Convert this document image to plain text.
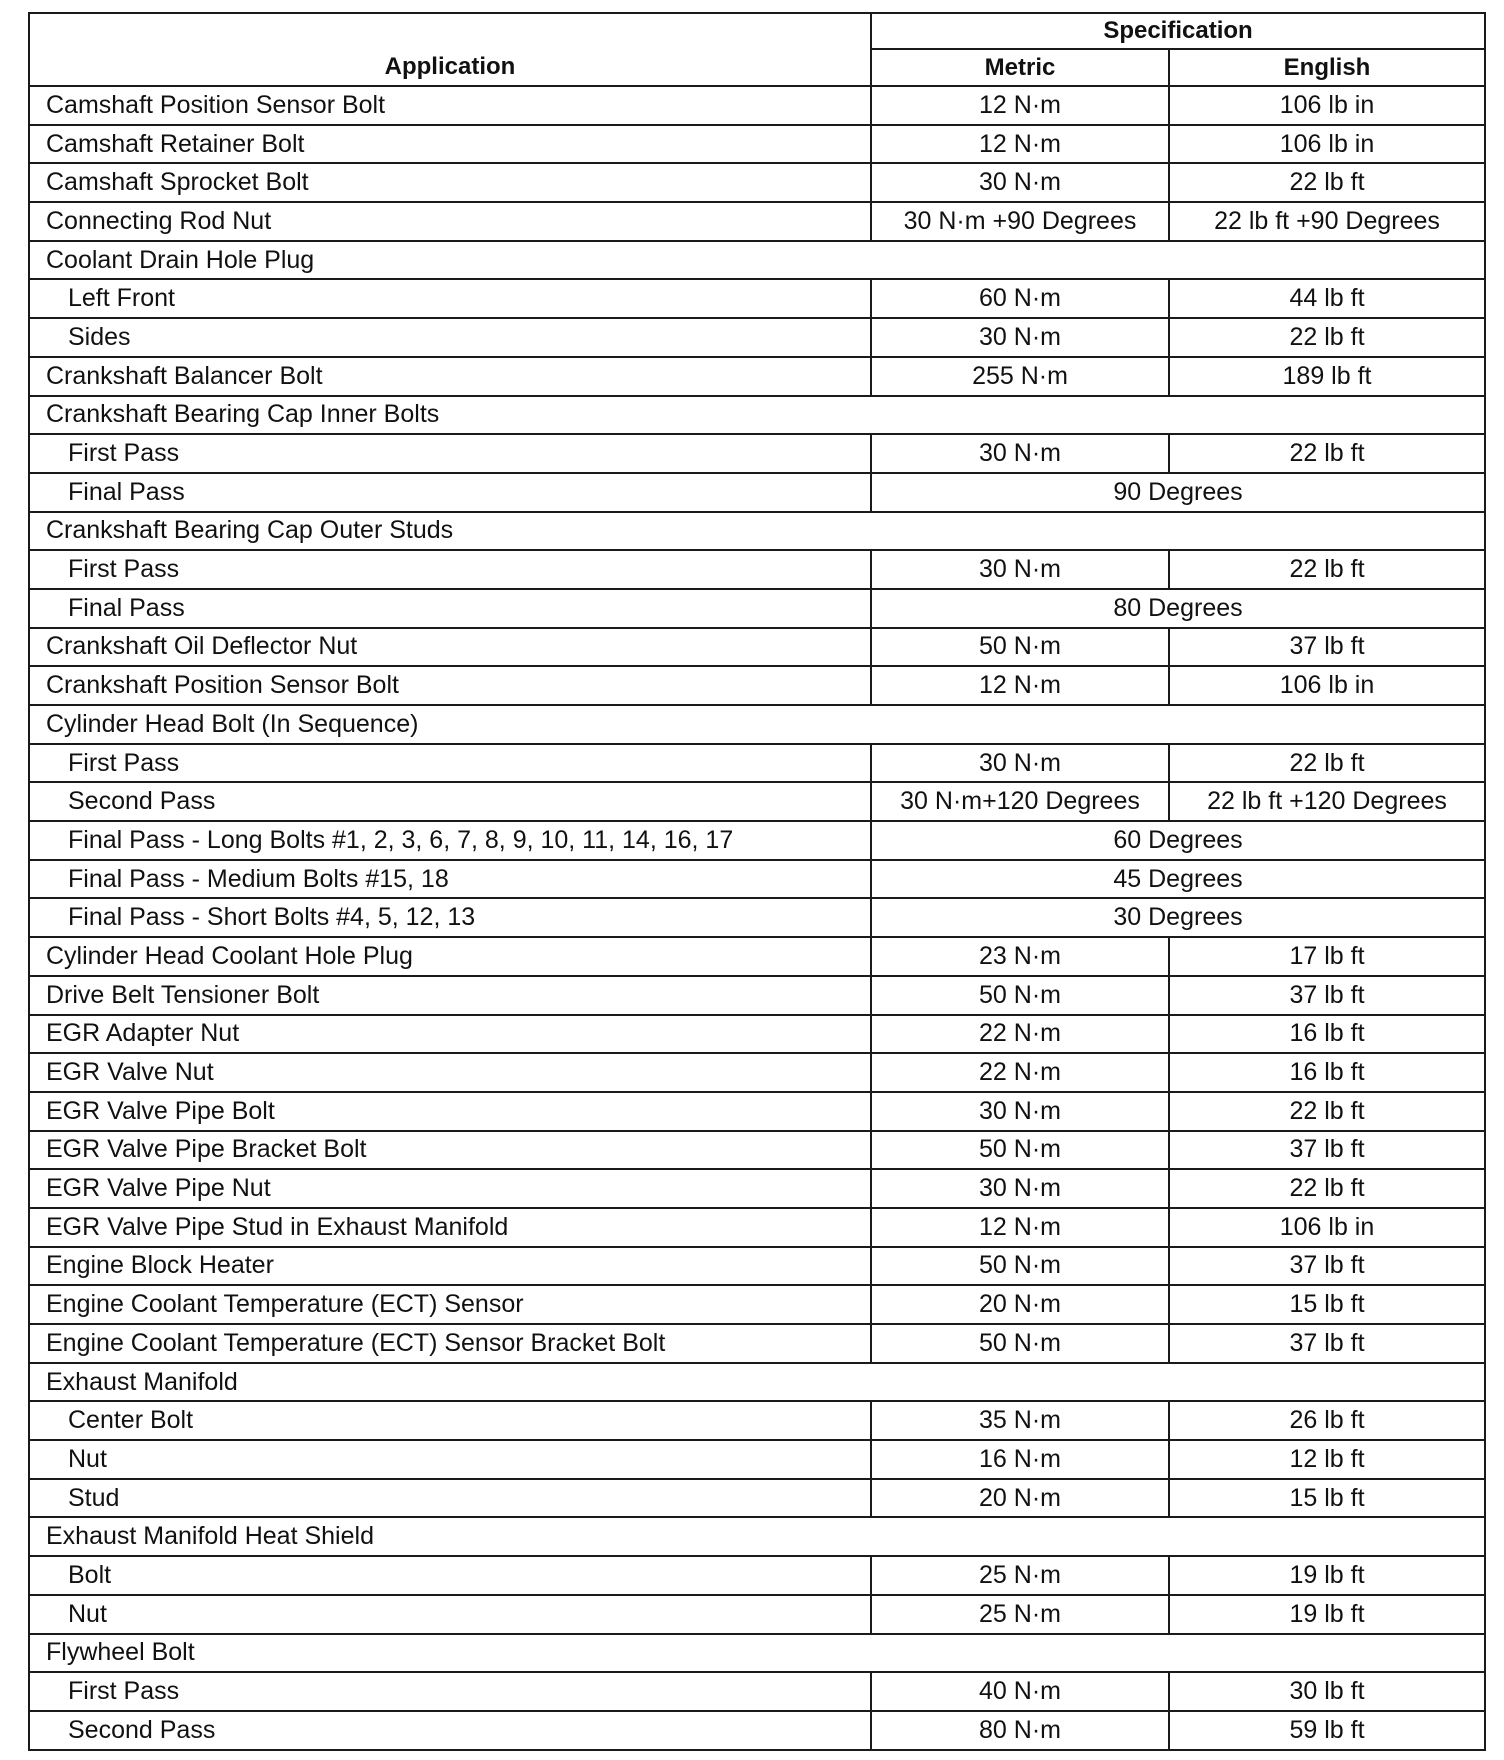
Application	Specification	
	Metric	English
Camshaft Position Sensor Bolt	12 N·m	106 lb in
Camshaft Retainer Bolt	12 N·m	106 lb in
Camshaft Sprocket Bolt	30 N·m	22 lb ft
Connecting Rod Nut	30 N·m +90 Degrees	22 lb ft +90 Degrees
Coolant Drain Hole Plug		
Left Front	60 N·m	44 lb ft
Sides	30 N·m	22 lb ft
Crankshaft Balancer Bolt	255 N·m	189 lb ft
Crankshaft Bearing Cap Inner Bolts		
First Pass	30 N·m	22 lb ft
Final Pass	90 Degrees	
Crankshaft Bearing Cap Outer Studs		
First Pass	30 N·m	22 lb ft
Final Pass	80 Degrees	
Crankshaft Oil Deflector Nut	50 N·m	37 lb ft
Crankshaft Position Sensor Bolt	12 N·m	106 lb in
Cylinder Head Bolt (In Sequence)		
First Pass	30 N·m	22 lb ft
Second Pass	30 N·m+120 Degrees	22 lb ft +120 Degrees
Final Pass - Long Bolts #1, 2, 3, 6, 7, 8, 9, 10, 11, 14, 16, 17	60 Degrees	
Final Pass - Medium Bolts #15, 18	45 Degrees	
Final Pass - Short Bolts #4, 5, 12, 13	30 Degrees	
Cylinder Head Coolant Hole Plug	23 N·m	17 lb ft
Drive Belt Tensioner Bolt	50 N·m	37 lb ft
EGR Adapter Nut	22 N·m	16 lb ft
EGR Valve Nut	22 N·m	16 lb ft
EGR Valve Pipe Bolt	30 N·m	22 lb ft
EGR Valve Pipe Bracket Bolt	50 N·m	37 lb ft
EGR Valve Pipe Nut	30 N·m	22 lb ft
EGR Valve Pipe Stud in Exhaust Manifold	12 N·m	106 lb in
Engine Block Heater	50 N·m	37 lb ft
Engine Coolant Temperature (ECT) Sensor	20 N·m	15 lb ft
Engine Coolant Temperature (ECT) Sensor Bracket Bolt	50 N·m	37 lb ft
Exhaust Manifold		
Center Bolt	35 N·m	26 lb ft
Nut	16 N·m	12 lb ft
Stud	20 N·m	15 lb ft
Exhaust Manifold Heat Shield		
Bolt	25 N·m	19 lb ft
Nut	25 N·m	19 lb ft
Flywheel Bolt		
First Pass	40 N·m	30 lb ft
Second Pass	80 N·m	59 lb ft
